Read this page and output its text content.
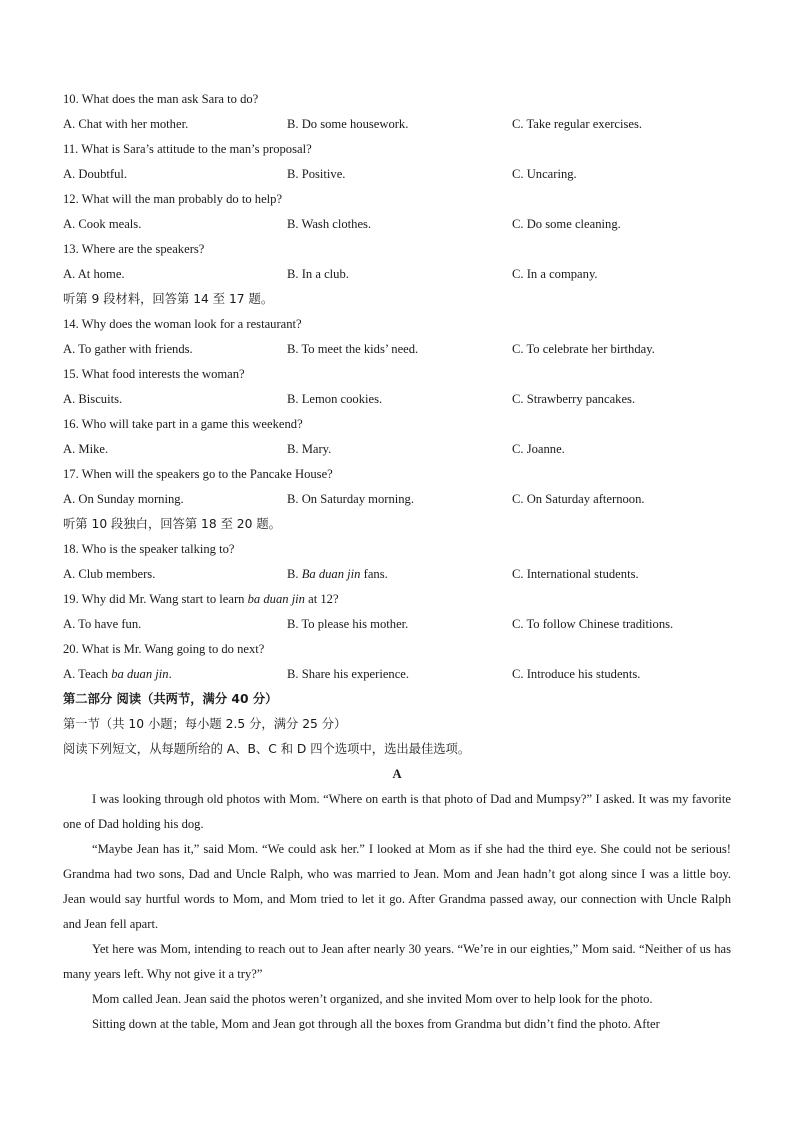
10. What does the man ask Sara to do?
A. Chat with her mother.	B. Do some housework.	C. Take regular exercises.
11. What is Sara’s attitude to the man’s proposal?
A. Doubtful.	B. Positive.	C. Uncaring.
12. What will the man probably do to help?
A. Cook meals.	B. Wash clothes.	C. Do some cleaning.
13. Where are the speakers?
A. At home.	B. In a club.	C. In a company.
听第 9 段材料，回答第 14 至 17 题。
14. Why does the woman look for a restaurant?
A. To gather with friends.	B. To meet the kids’ need.	C. To celebrate her birthday.
15. What food interests the woman?
A. Biscuits.	B. Lemon cookies.	C. Strawberry pancakes.
16. Who will take part in a game this weekend?
A. Mike.	B. Mary.	C. Joanne.
17. When will the speakers go to the Pancake House?
A. On Sunday morning.	B. On Saturday morning.	C. On Saturday afternoon.
听第 10 段独白，回答第 18 至 20 题。
18. Who is the speaker talking to?
A. Club members.	B. Ba duan jin fans.	C. International students.
19. Why did Mr. Wang start to learn ba duan jin at 12?
A. To have fun.	B. To please his mother.	C. To follow Chinese traditions.
20. What is Mr. Wang going to do next?
A. Teach ba duan jin.	B. Share his experience.	C. Introduce his students.
第二部分 阅读（共两节，满分 40 分）
第一节（共 10 小题；每小题 2.5 分，满分 25 分）
阅读下列短文，从每题所给的 A、B、C 和 D 四个选项中，选出最佳选项。
A
I was looking through old photos with Mom. “Where on earth is that photo of Dad and Mumpsy?” I asked. It was my favorite one of Dad holding his dog.
“Maybe Jean has it,” said Mom. “We could ask her.” I looked at Mom as if she had the third eye. She could not be serious! Grandma had two sons, Dad and Uncle Ralph, who was married to Jean. Mom and Jean hadn’t got along since I was a little boy. Jean would say hurtful words to Mom, and Mom tried to let it go. After Grandma passed away, our connection with Uncle Ralph and Jean fell apart.
Yet here was Mom, intending to reach out to Jean after nearly 30 years. “We’re in our eighties,” Mom said. “Neither of us has many years left. Why not give it a try?”
Mom called Jean. Jean said the photos weren’t organized, and she invited Mom over to help look for the photo.
Sitting down at the table, Mom and Jean got through all the boxes from Grandma but didn’t find the photo. After
